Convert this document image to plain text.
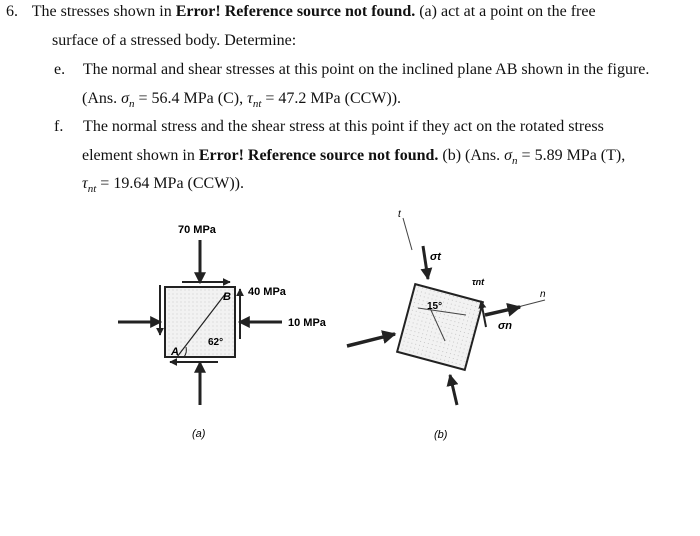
6. The stresses shown in Error! Reference source not found. (a) act at a point on the free
surface of a stressed body. Determine:
e. The normal and shear stresses at this point on the inclined plane AB shown in the figure.
(Ans. $\sigma_n = 56.4$ MPa (C), $\tau_{nt} = 47.2$ MPa (CCW)).
f. The normal stress and the shear stress at this point if they act on the rotated stress
element shown in Error! Reference source not found. (b) (Ans. $\sigma_n = 5.89$ MPa (T),
$\tau_{nt} = 19.64$ MPa (CCW)).
70 MPa
40 MPa
10 MPa
B
A
62°
(a)
t
σt
τnt
n
σn
15°
(b)
